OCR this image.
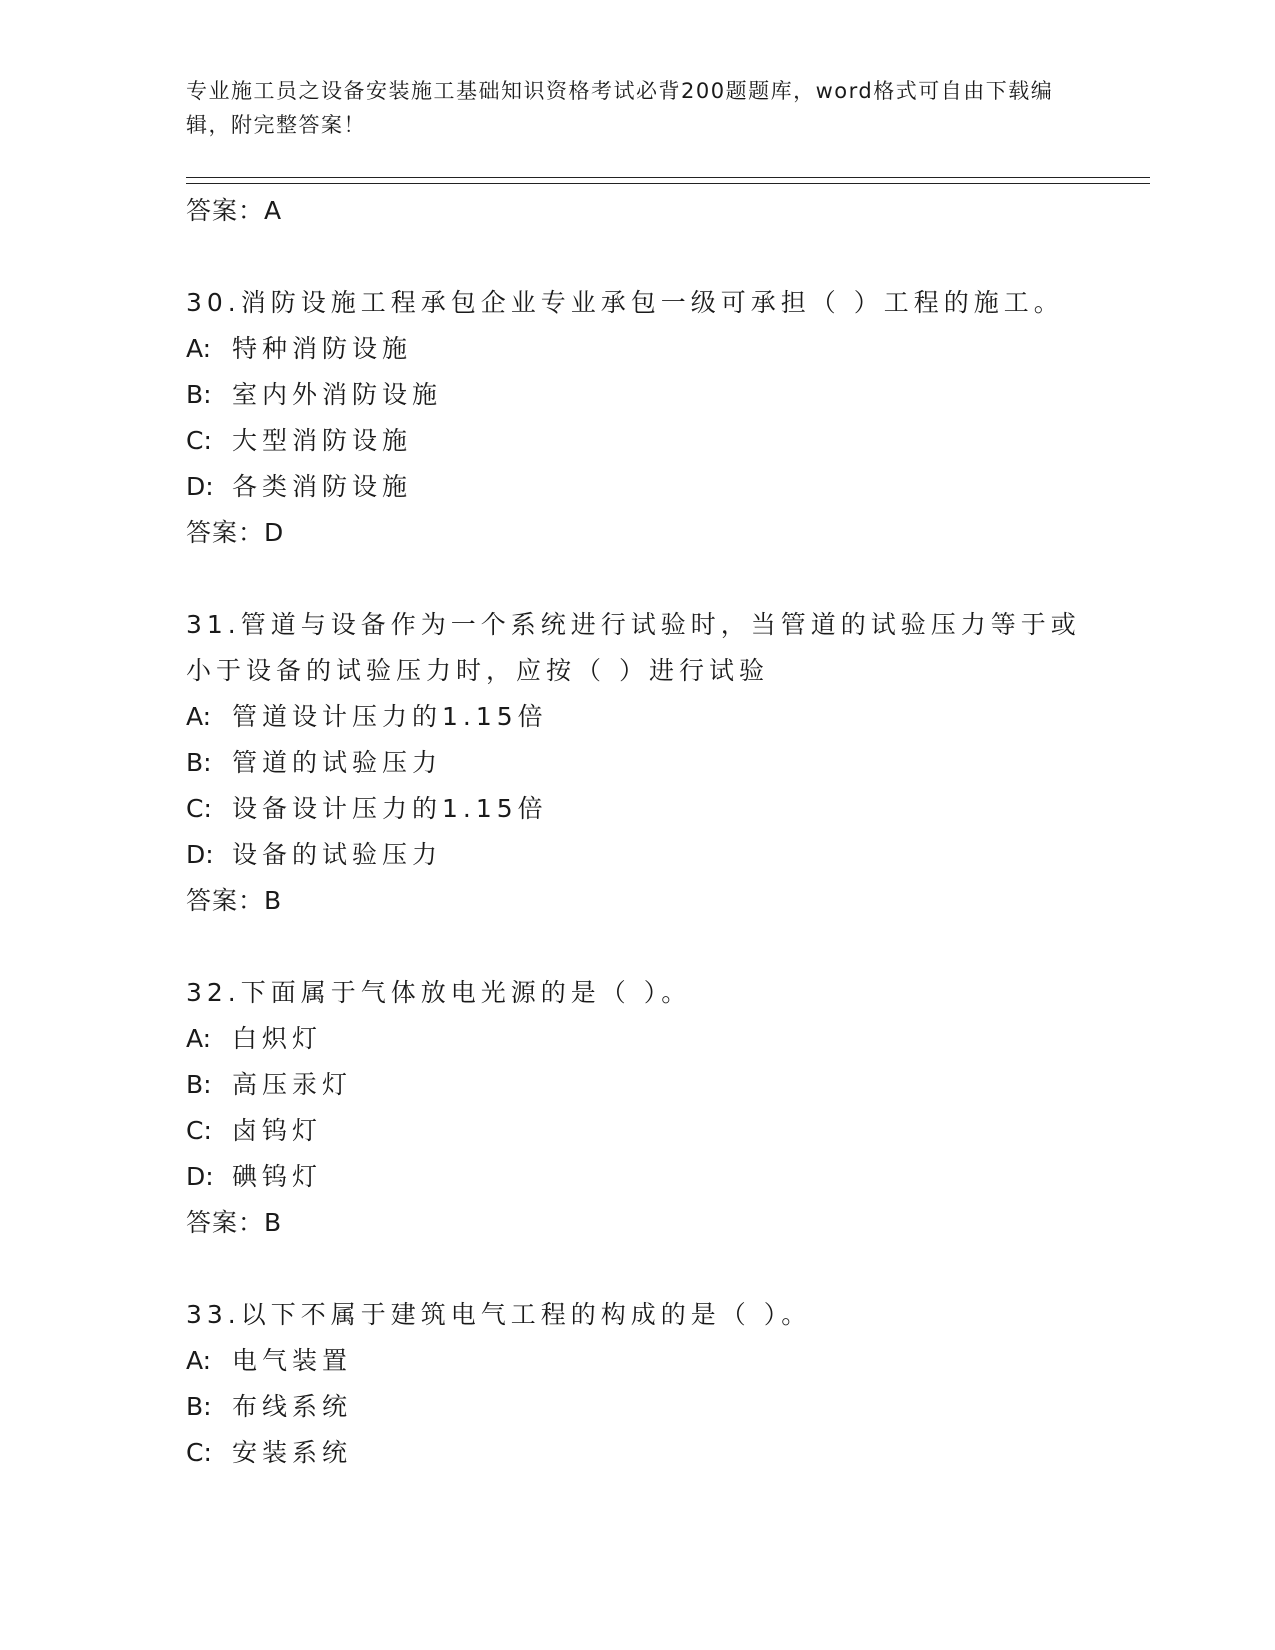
专业施工员之设备安装施工基础知识资格考试必背200题题库，word格式可自由下载编辑，附完整答案！
答案：A
30.消防设施工程承包企业专业承包一级可承担（ ）工程的施工。
A: 特种消防设施
B: 室内外消防设施
C: 大型消防设施
D: 各类消防设施
答案：D
31.管道与设备作为一个系统进行试验时，当管道的试验压力等于或小于设备的试验压力时，应按（ ）进行试验
A: 管道设计压力的1.15倍
B: 管道的试验压力
C: 设备设计压力的1.15倍
D: 设备的试验压力
答案：B
32.下面属于气体放电光源的是（ ）。
A: 白炽灯
B: 高压汞灯
C: 卤钨灯
D: 碘钨灯
答案：B
33.以下不属于建筑电气工程的构成的是（ ）。
A: 电气装置
B: 布线系统
C: 安装系统
